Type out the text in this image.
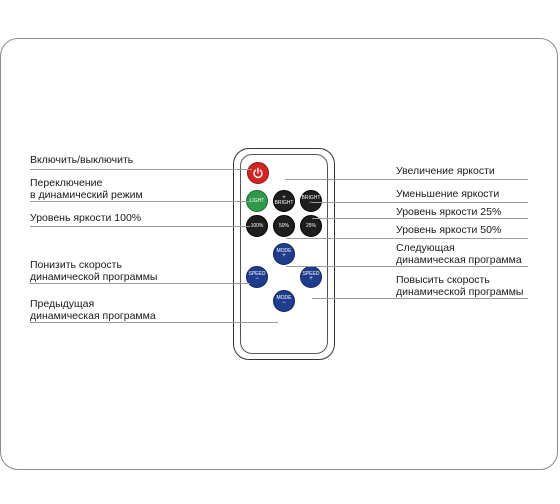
LIGHT	+
BRIGHT
BRIGHT
−
100%	50%	25%
MODE
+
SPEED
−
SPEED
+
MODE
−
Включить/выключить
Переключение
в динамический режим
Уровень яркости 100%
Понизить скорость
динамической программы
Предыдущая
динамическая программа
Увеличение яркости
Уменьшение яркости
Уровень яркости 25%
Уровень яркости 50%
Следующая
динамическая программа
Повысить скорость
динамической программы
